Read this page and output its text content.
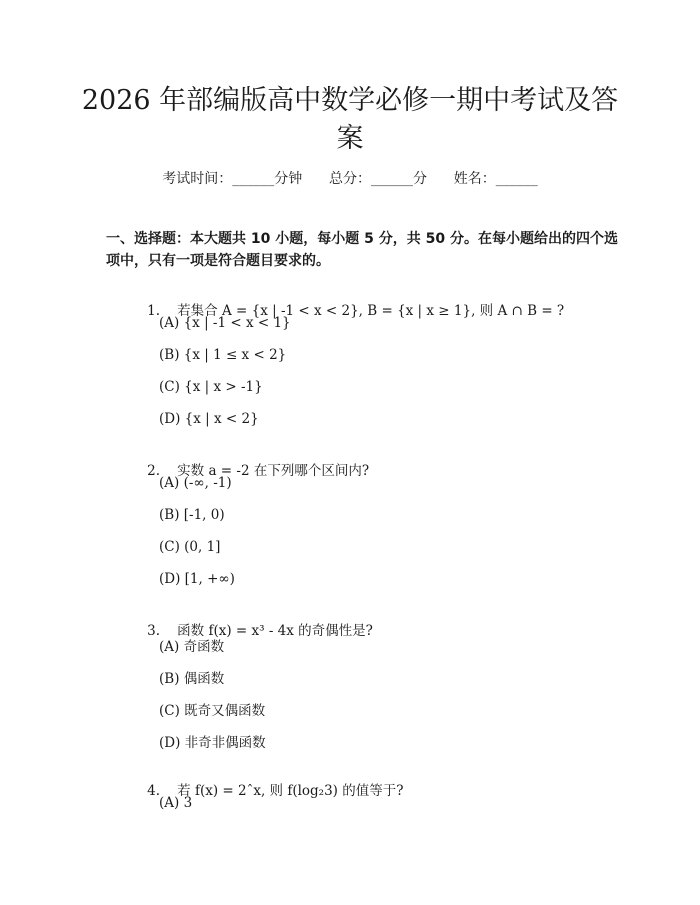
2026 年部编版高中数学必修一期中考试及答
案
考试时间：______分钟      总分：______分      姓名：______
一、选择题：本大题共 10 小题，每小题 5 分，共 50 分。在每小题给出的四个选项中，只有一项是符合题目要求的。

1. 若集合 A = {x | -1 < x < 2}, B = {x | x ≥ 1}, 则 A ∩ B = ?

(A) {x | -1 < x < 1}
(B) {x | 1 ≤ x < 2}
(C) {x | x > -1}
(D) {x | x < 2}

2. 实数 a = -2 在下列哪个区间内?

(A) (-∞, -1)
(B) [-1, 0)
(C) (0, 1]
(D) [1, +∞)

3. 函数 f(x) = x³ - 4x 的奇偶性是?

(A) 奇函数
(B) 偶函数
(C) 既奇又偶函数
(D) 非奇非偶函数

4. 若 f(x) = 2ˆx, 则 f(log₂3) 的值等于?

(A) 3
